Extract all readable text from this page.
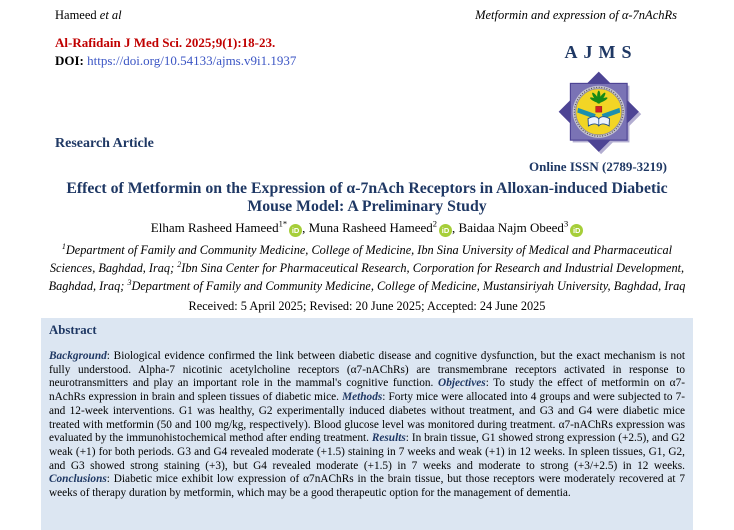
Hameed et al	Metformin and expression of α-7nAchRs
Al-Rafidain J Med Sci. 2025;9(1):18-23.
DOI: https://doi.org/10.54133/ajms.v9i1.1937	AJMS
Online ISSN (2789-3219)
Research Article
Effect of Metformin on the Expression of α-7nAch Receptors in Alloxan-induced Diabetic Mouse Model: A Preliminary Study
Elham Rasheed Hameed$^{1*}$iD , Muna Rasheed Hameed$^2$iD , Baidaa Najm Obeed$^3$iD
$^1$Department of Family and Community Medicine, College of Medicine, Ibn Sina University of Medical and Pharmaceutical Sciences, Baghdad, Iraq; $^2$Ibn Sina Center for Pharmaceutical Research, Corporation for Research and Industrial Development, Baghdad, Iraq; $^3$Department of Family and Community Medicine, College of Medicine, Mustansiriyah University, Baghdad, Iraq
Received: 5 April 2025; Revised: 20 June 2025; Accepted: 24 June 2025
Abstract
Background: Biological evidence confirmed the link between diabetic disease and cognitive dysfunction, but the exact mechanism is not fully understood. Alpha-7 nicotinic acetylcholine receptors (α7-nAChRs) are transmembrane receptors activated in response to neurotransmitters and play an important role in the mammal's cognitive function. Objectives: To study the effect of metformin on α7-nAchRs expression in brain and spleen tissues of diabetic mice. Methods: Forty mice were allocated into 4 groups and were subjected to 7- and 12-week interventions. G1 was healthy, G2 experimentally induced diabetes without treatment, and G3 and G4 were diabetic mice treated with metformin (50 and 100 mg/kg, respectively). Blood glucose level was monitored during treatment. α7-nAChRs expression was evaluated by the immunohistochemical method after ending treatment. Results: In brain tissue, G1 showed strong expression (+2.5), and G2 weak (+1) for both periods. G3 and G4 revealed moderate (+1.5) staining in 7 weeks and weak (+1) in 12 weeks. In spleen tissues, G1, G2, and G3 showed strong staining (+3), but G4 revealed moderate (+1.5) in 7 weeks and moderate to strong (+3/+2.5) in 12 weeks. Conclusions: Diabetic mice exhibit low expression of α7nAChRs in the brain tissue, but those receptors were moderately recovered at 7 weeks of therapy duration by metformin, which may be a good therapeutic option for the management of dementia.
